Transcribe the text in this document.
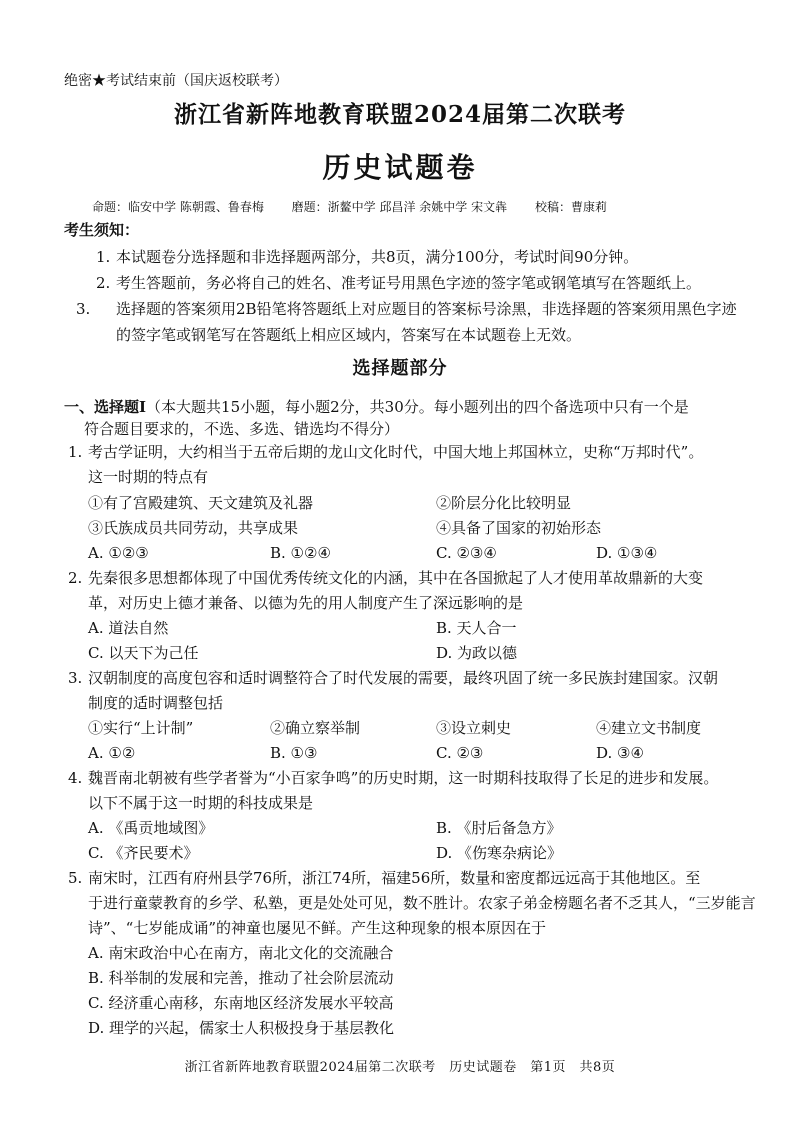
绝密★考试结束前（国庆返校联考）
浙江省新阵地教育联盟2024届第二次联考
历史试题卷
命题：临安中学 陈朝霞、鲁春梅 磨题：浙鳌中学 邱昌洋 余姚中学 宋文犇 校稿：曹康莉
考生须知：
1. 本试题卷分选择题和非选择题两部分，共8页，满分100分，考试时间90分钟。
2. 考生答题前，务必将自己的姓名、准考证号用黑色字迹的签字笔或钢笔填写在答题纸上。
3. 选择题的答案须用2B铅笔将答题纸上对应题目的答案标号涂黑，非选择题的答案须用黑色字迹的签字笔或钢笔写在答题纸上相应区域内，答案写在本试题卷上无效。
选择题部分
一、选择题Ⅰ（本大题共15小题，每小题2分，共30分。每小题列出的四个备选项中只有一个是
符合题目要求的，不选、多选、错选均不得分）
1. 考古学证明，大约相当于五帝后期的龙山文化时代，中国大地上邦国林立，史称“万邦时代”。
这一时期的特点有
①有了宫殿建筑、天文建筑及礼器	②阶层分化比较明显
③氏族成员共同劳动，共享成果	④具备了国家的初始形态
A. ①②③	B. ①②④	C. ②③④	D. ①③④
2. 先秦很多思想都体现了中国优秀传统文化的内涵，其中在各国掀起了人才使用革故鼎新的大变
革，对历史上德才兼备、以德为先的用人制度产生了深远影响的是
A. 道法自然	B. 天人合一
C. 以天下为己任	D. 为政以德
3. 汉朝制度的高度包容和适时调整符合了时代发展的需要，最终巩固了统一多民族封建国家。汉朝
制度的适时调整包括
①实行“上计制”	②确立察举制	③设立刺史	④建立文书制度
A. ①②	B. ①③	C. ②③	D. ③④
4. 魏晋南北朝被有些学者誉为“小百家争鸣”的历史时期，这一时期科技取得了长足的进步和发展。
以下不属于这一时期的科技成果是
A. 《禹贡地域图》	B. 《肘后备急方》
C. 《齐民要术》	D. 《伤寒杂病论》
5. 南宋时，江西有府州县学76所，浙江74所，福建56所，数量和密度都远远高于其他地区。至
于进行童蒙教育的乡学、私塾，更是处处可见，数不胜计。农家子弟金榜题名者不乏其人，“三岁能言诗”、“七岁能成诵”的神童也屡见不鲜。产生这种现象的根本原因在于
A. 南宋政治中心在南方，南北文化的交流融合
B. 科举制的发展和完善，推动了社会阶层流动
C. 经济重心南移，东南地区经济发展水平较高
D. 理学的兴起，儒家士人积极投身于基层教化
浙江省新阵地教育联盟2024届第二次联考　历史试题卷　第1页　共8页
